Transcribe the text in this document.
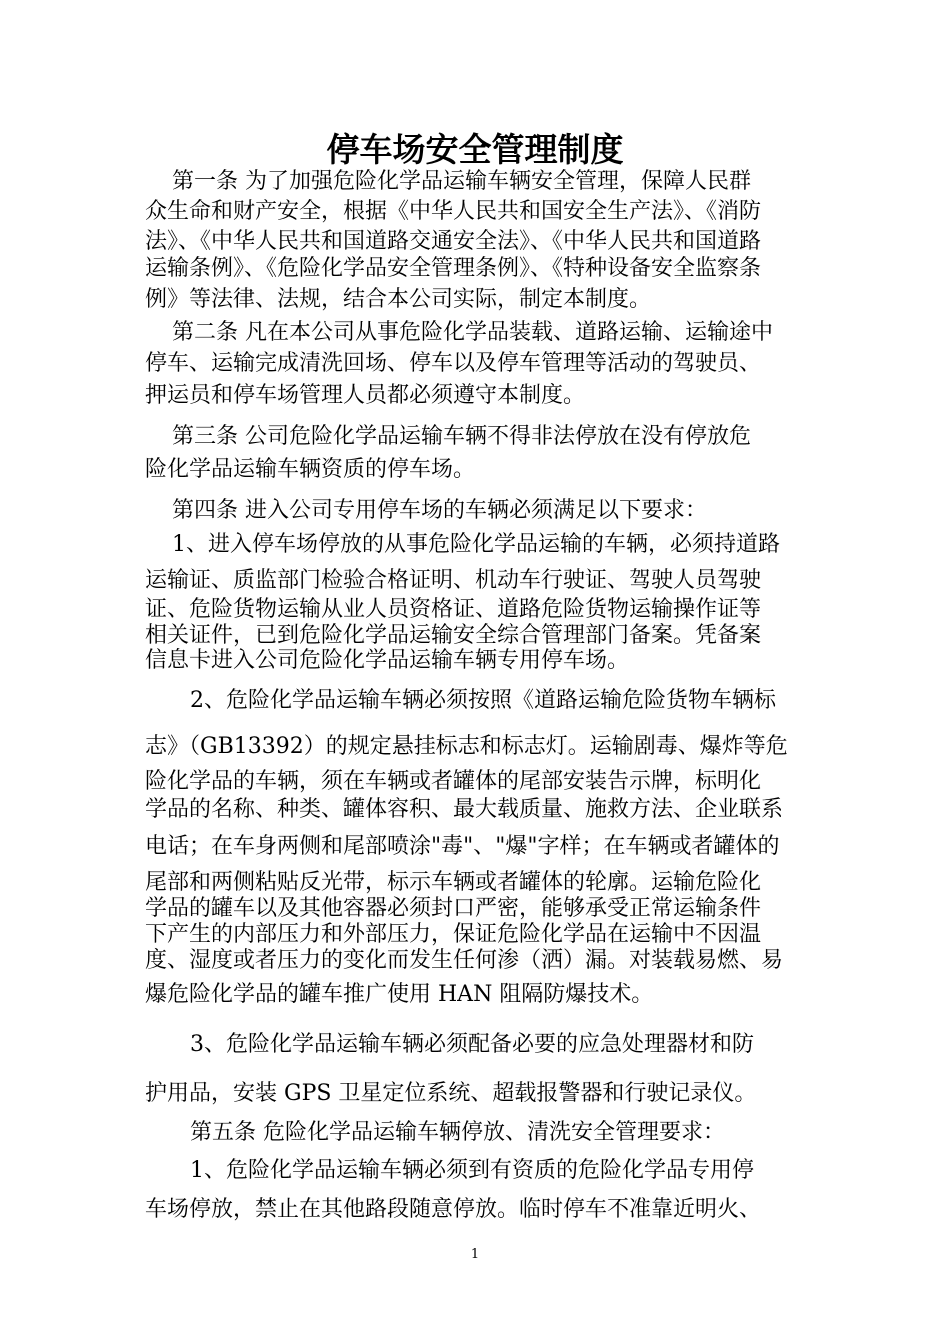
停车场安全管理制度
第一条 为了加强危险化学品运输车辆安全管理，保障人民群
众生命和财产安全，根据《中华人民共和国安全生产法》、《消防
法》、《中华人民共和国道路交通安全法》、《中华人民共和国道路
运输条例》、《危险化学品安全管理条例》、《特种设备安全监察条
例》等法律、法规，结合本公司实际，制定本制度。
第二条 凡在本公司从事危险化学品装载、道路运输、运输途中
停车、运输完成清洗回场、停车以及停车管理等活动的驾驶员、
押运员和停车场管理人员都必须遵守本制度。
第三条 公司危险化学品运输车辆不得非法停放在没有停放危
险化学品运输车辆资质的停车场。
第四条 进入公司专用停车场的车辆必须满足以下要求：
1、进入停车场停放的从事危险化学品运输的车辆，必须持道路
运输证、质监部门检验合格证明、机动车行驶证、驾驶人员驾驶
证、危险货物运输从业人员资格证、道路危险货物运输操作证等
相关证件，已到危险化学品运输安全综合管理部门备案。凭备案
信息卡进入公司危险化学品运输车辆专用停车场。
2、危险化学品运输车辆必须按照《道路运输危险货物车辆标
志》（GB13392）的规定悬挂标志和标志灯。运输剧毒、爆炸等危
险化学品的车辆，须在车辆或者罐体的尾部安装告示牌，标明化
学品的名称、种类、罐体容积、最大载质量、施救方法、企业联系
电话；在车身两侧和尾部喷涂"毒"、"爆"字样；在车辆或者罐体的
尾部和两侧粘贴反光带，标示车辆或者罐体的轮廓。运输危险化
学品的罐车以及其他容器必须封口严密，能够承受正常运输条件
下产生的内部压力和外部压力，保证危险化学品在运输中不因温
度、湿度或者压力的变化而发生任何渗（洒）漏。对装载易燃、易
爆危险化学品的罐车推广使用 HAN 阻隔防爆技术。
3、危险化学品运输车辆必须配备必要的应急处理器材和防
护用品，安装 GPS 卫星定位系统、超载报警器和行驶记录仪。
第五条 危险化学品运输车辆停放、清洗安全管理要求：
1、危险化学品运输车辆必须到有资质的危险化学品专用停
车场停放，禁止在其他路段随意停放。临时停车不准靠近明火、
1
